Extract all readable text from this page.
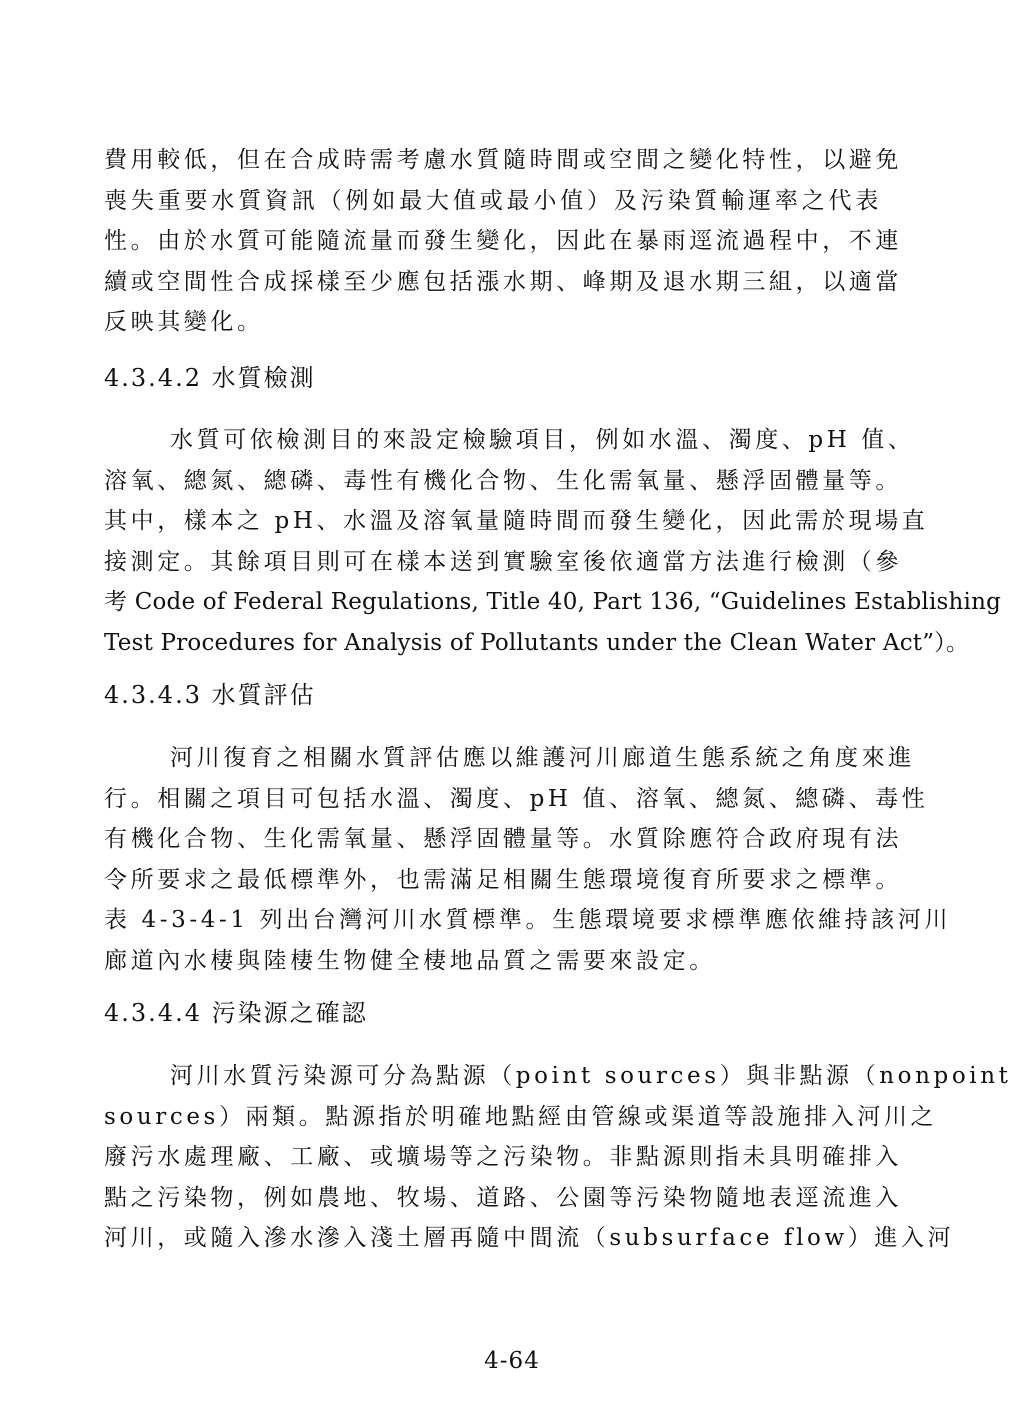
費用較低，但在合成時需考慮水質隨時間或空間之變化特性，以避免
喪失重要水質資訊（例如最大值或最小值）及污染質輸運率之代表
性。由於水質可能隨流量而發生變化，因此在暴雨逕流過程中，不連
續或空間性合成採樣至少應包括漲水期、峰期及退水期三組，以適當
反映其變化。
4.3.4.2 水質檢測
水質可依檢測目的來設定檢驗項目，例如水溫、濁度、pH 值、
溶氧、總氮、總磷、毒性有機化合物、生化需氧量、懸浮固體量等。
其中，樣本之 pH、水溫及溶氧量隨時間而發生變化，因此需於現場直
接測定。其餘項目則可在樣本送到實驗室後依適當方法進行檢測（參
考 Code of Federal Regulations, Title 40, Part 136, “Guidelines Establishing
Test Procedures for Analysis of Pollutants under the Clean Water Act”）。
4.3.4.3 水質評估
河川復育之相關水質評估應以維護河川廊道生態系統之角度來進
行。相關之項目可包括水溫、濁度、pH 值、溶氧、總氮、總磷、毒性
有機化合物、生化需氧量、懸浮固體量等。水質除應符合政府現有法
令所要求之最低標準外，也需滿足相關生態環境復育所要求之標準。
表 4-3-4-1 列出台灣河川水質標準。生態環境要求標準應依維持該河川
廊道內水棲與陸棲生物健全棲地品質之需要來設定。
4.3.4.4 污染源之確認
河川水質污染源可分為點源（point sources）與非點源（nonpoint
sources）兩類。點源指於明確地點經由管線或渠道等設施排入河川之
廢污水處理廠、工廠、或壙場等之污染物。非點源則指未具明確排入
點之污染物，例如農地、牧場、道路、公園等污染物隨地表逕流進入
河川，或隨入滲水滲入淺土層再隨中間流（subsurface flow）進入河
4-64
